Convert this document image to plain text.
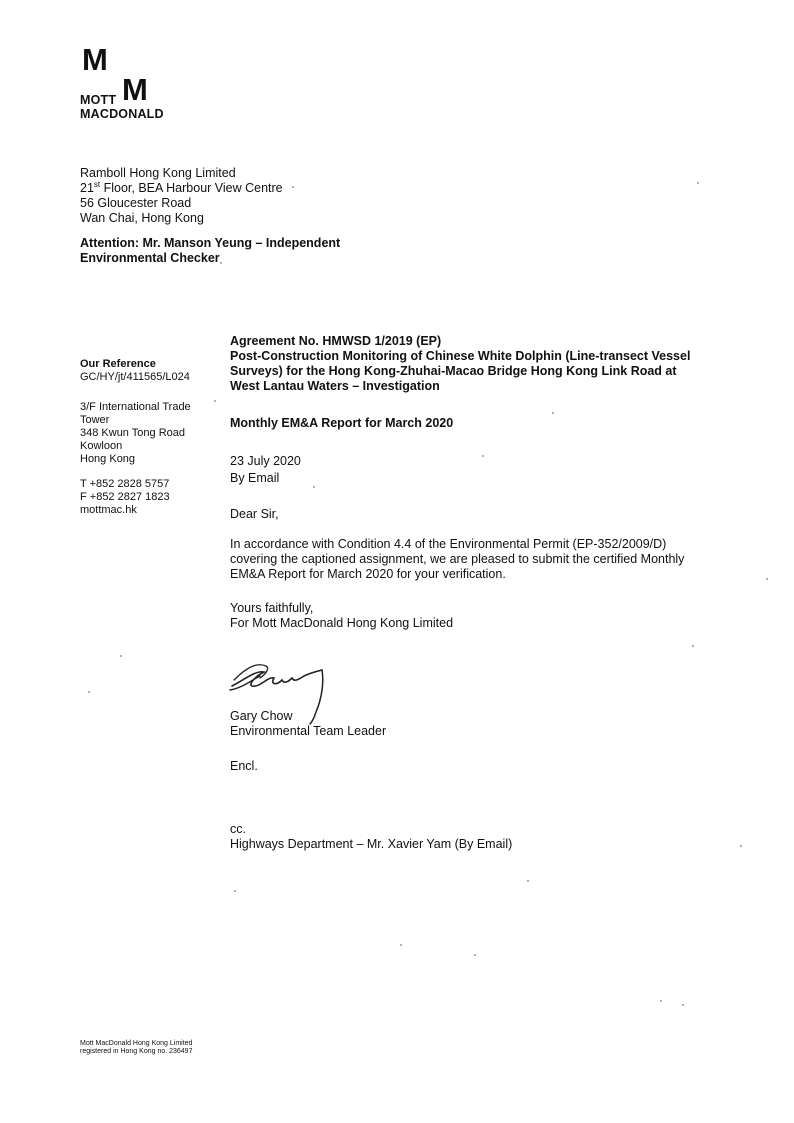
M
M
MOTT
MACDONALD
Ramboll Hong Kong Limited
21st Floor, BEA Harbour View Centre
56 Gloucester Road
Wan Chai, Hong Kong
Attention: Mr. Manson Yeung – Independent
Environmental Checker
Our Reference
GC/HY/jt/411565/L024
3/F International Trade
Tower
348 Kwun Tong Road
Kowloon
Hong Kong
T +852 2828 5757
F +852 2827 1823
mottmac.hk
Agreement No. HMWSD 1/2019 (EP)
Post-Construction Monitoring of Chinese White Dolphin (Line-transect Vessel
Surveys) for the Hong Kong-Zhuhai-Macao Bridge Hong Kong Link Road at
West Lantau Waters – Investigation
Monthly EM&A Report for March 2020
23 July 2020
By Email
Dear Sir,
In accordance with Condition 4.4 of the Environmental Permit (EP-352/2009/D)
covering the captioned assignment, we are pleased to submit the certified Monthly
EM&A Report for March 2020 for your verification.
Yours faithfully,
For Mott MacDonald Hong Kong Limited
Gary Chow
Environmental Team Leader
Encl.
cc.
Highways Department – Mr. Xavier Yam (By Email)
Mott MacDonald Hong Kong Limited
registered in Hong Kong no. 236497
